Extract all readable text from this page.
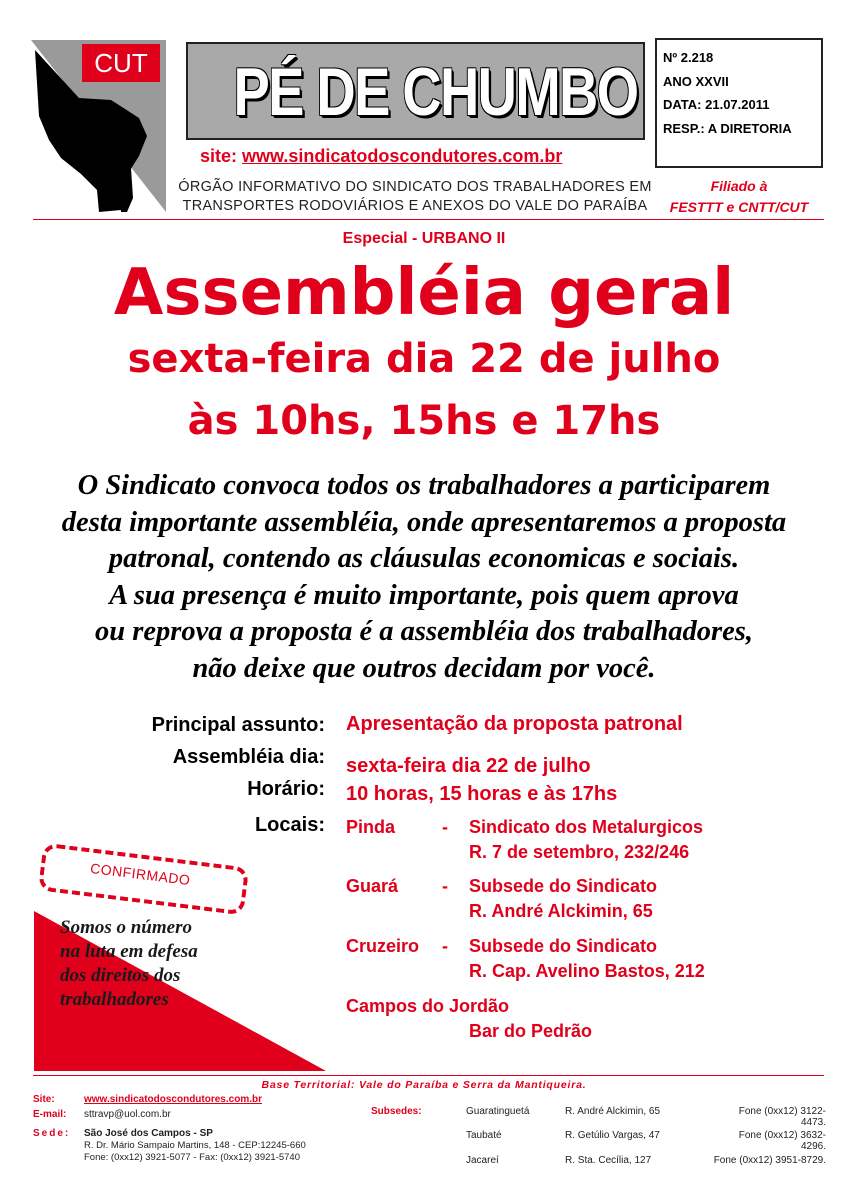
CUT PÉ DE CHUMBO
site: www.sindicatodoscondutores.com.br
ÓRGÃO INFORMATIVO DO SINDICATO DOS TRABALHADORES EM
TRANSPORTES RODOVIÁRIOS E ANEXOS DO VALE DO PARAÍBA
Nº 2.218
ANO XXVII
DATA: 21.07.2011
RESP.: A DIRETORIA
Filiado à
FESTTT e CNTT/CUT
Especial - URBANO II
Assembléia geral
sexta-feira dia 22 de julho
às 10hs, 15hs e 17hs
O Sindicato convoca todos os trabalhadores a participarem
desta importante assembléia, onde apresentaremos a proposta
patronal, contendo as cláusulas economicas e sociais.
A sua presença é muito importante, pois quem aprova
ou reprova a proposta é a assembléia dos trabalhadores,
não deixe que outros decidam por você.
Principal assunto: Apresentação da proposta patronal
Assembléia dia: sexta-feira dia 22 de julho
Horário: 10 horas, 15 horas e às 17hs
Locais: Pinda	- Sindicato dos Metalurgicos
R. 7 de setembro, 232/246
Guará - Subsede do Sindicato
R. André Alckimin, 65
Cruzeiro - Subsede do Sindicato
R. Cap. Avelino Bastos, 212
Campos do Jordão
Bar do Pedrão
CONFIRMADO
Somos o número
na luta em defesa
dos direitos dos
trabalhadores
Base Territorial: Vale do Paraíba e Serra da Mantiqueira.
Site:	www.sindicatodoscondutores.com.br
E-mail: sttravp@uol.com.br
Sede: São José dos Campos - SP
R. Dr. Mário Sampaio Martins, 148 - CEP:12245-660
Fone: (0xx12) 3921-5077 - Fax: (0xx12) 3921-5740
Subsedes:	Guaratinguetá	R. André Alckimin, 65	Fone (0xx12) 3122-
4473.
Taubaté	R. Getúlio Vargas, 47	Fone (0xx12) 3632-
4296.
Jacareí	R. Sta. Cecília, 127	Fone (0xx12) 3951-8729.
